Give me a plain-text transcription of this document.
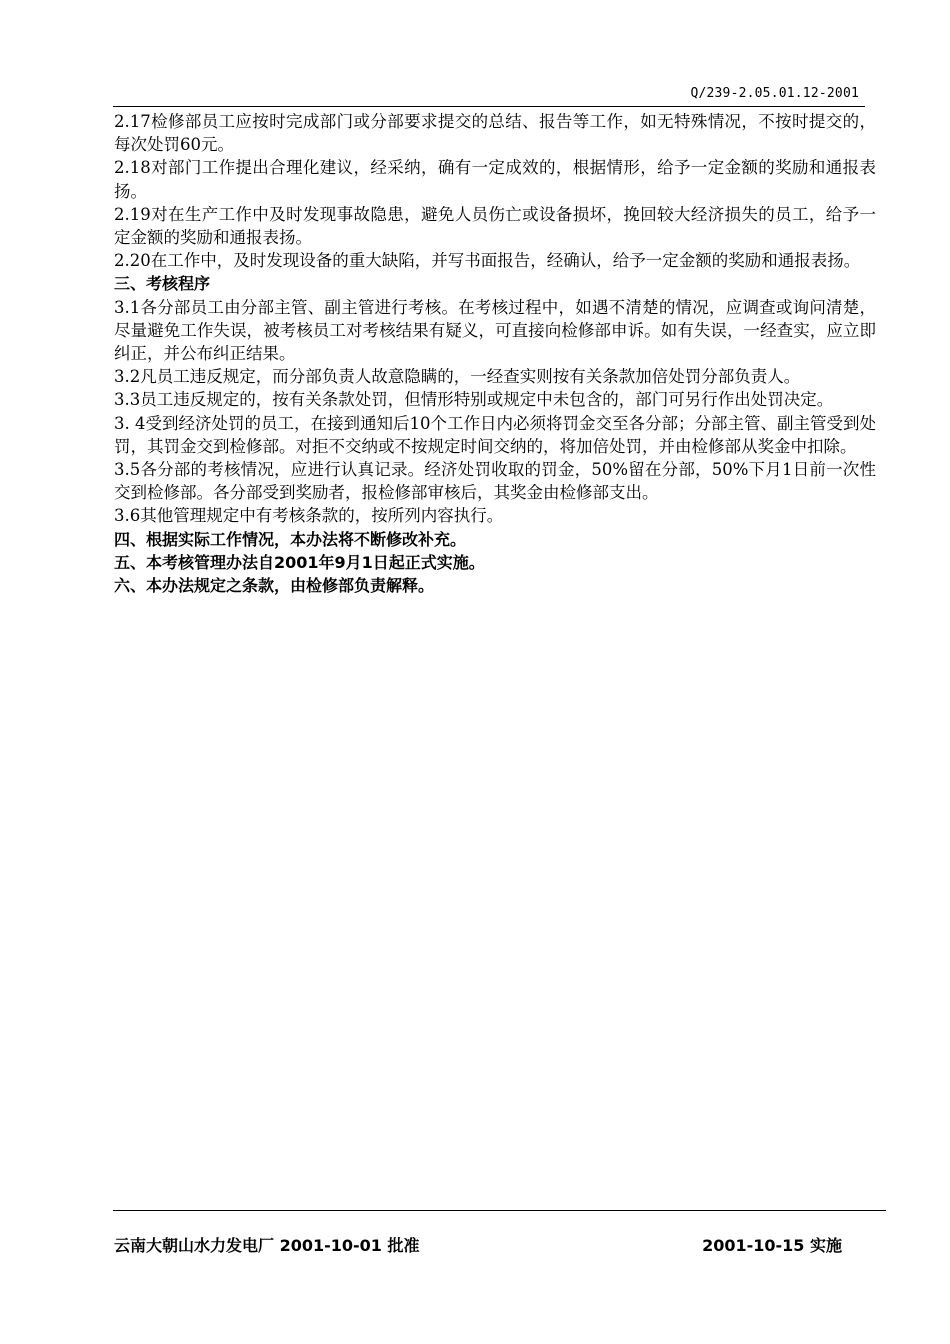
Q/239-2.05.01.12-2001

2.17检修部员工应按时完成部门或分部要求提交的总结、报告等工作，如无特殊情况，不按时提交的，每次处罚60元。

2.18对部门工作提出合理化建议，经采纳，确有一定成效的，根据情形，给予一定金额的奖励和通报表扬。

2.19对在生产工作中及时发现事故隐患，避免人员伤亡或设备损坏，挽回较大经济损失的员工，给予一定金额的奖励和通报表扬。

2.20在工作中，及时发现设备的重大缺陷，并写书面报告，经确认，给予一定金额的奖励和通报表扬。

三、考核程序

3.1各分部员工由分部主管、副主管进行考核。在考核过程中，如遇不清楚的情况，应调查或询问清楚，尽量避免工作失误，被考核员工对考核结果有疑义，可直接向检修部申诉。如有失误，一经查实，应立即纠正，并公布纠正结果。

3.2凡员工违反规定，而分部负责人故意隐瞒的，一经查实则按有关条款加倍处罚分部负责人。

3.3员工违反规定的，按有关条款处罚，但情形特别或规定中未包含的，部门可另行作出处罚决定。

3. 4受到经济处罚的员工，在接到通知后10个工作日内必须将罚金交至各分部；分部主管、副主管受到处罚，其罚金交到检修部。对拒不交纳或不按规定时间交纳的，将加倍处罚，并由检修部从奖金中扣除。

3.5各分部的考核情况，应进行认真记录。经济处罚收取的罚金，50%留在分部，50%下月1日前一次性交到检修部。各分部受到奖励者，报检修部审核后，其奖金由检修部支出。

3.6其他管理规定中有考核条款的，按所列内容执行。

四、根据实际工作情况，本办法将不断修改补充。

五、本考核管理办法自2001年9月1日起正式实施。

六、本办法规定之条款，由检修部负责解释。

云南大朝山水力发电厂 2001-10-01 批准	2001-10-15 实施
